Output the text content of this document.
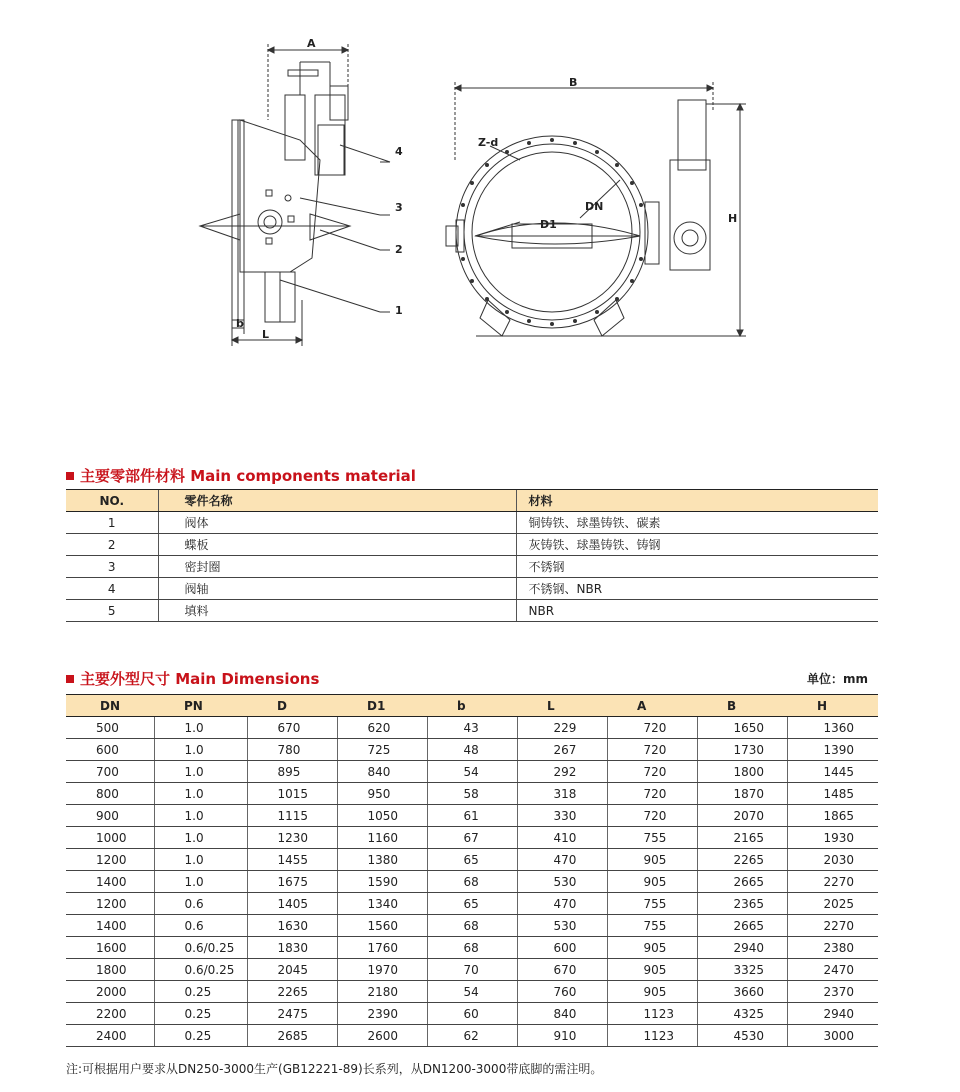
A
B
H
L
b
DN
D1
Z-d
4
3
2
1
主要零部件材料 Main components material
NO.	零件名称	材料
1	阀体	铜铸铁、球墨铸铁、碳素
2	蝶板	灰铸铁、球墨铸铁、铸钢
3	密封圈	不锈钢
4	阀轴	不锈钢、NBR
5	填料	NBR
主要外型尺寸 Main Dimensions	单位：mm
DN	PN	D	D1	b	L	A	B	H
500	1.0	670	620	43	229	720	1650	1360
600	1.0	780	725	48	267	720	1730	1390
700	1.0	895	840	54	292	720	1800	1445
800	1.0	1015	950	58	318	720	1870	1485
900	1.0	1115	1050	61	330	720	2070	1865
1000	1.0	1230	1160	67	410	755	2165	1930
1200	1.0	1455	1380	65	470	905	2265	2030
1400	1.0	1675	1590	68	530	905	2665	2270
1200	0.6	1405	1340	65	470	755	2365	2025
1400	0.6	1630	1560	68	530	755	2665	2270
1600	0.6/0.25	1830	1760	68	600	905	2940	2380
1800	0.6/0.25	2045	1970	70	670	905	3325	2470
2000	0.25	2265	2180	54	760	905	3660	2370
2200	0.25	2475	2390	60	840	1123	4325	2940
2400	0.25	2685	2600	62	910	1123	4530	3000
注:可根据用户要求从DN250-3000生产(GB12221-89)长系列，从DN1200-3000带底脚的需注明。
